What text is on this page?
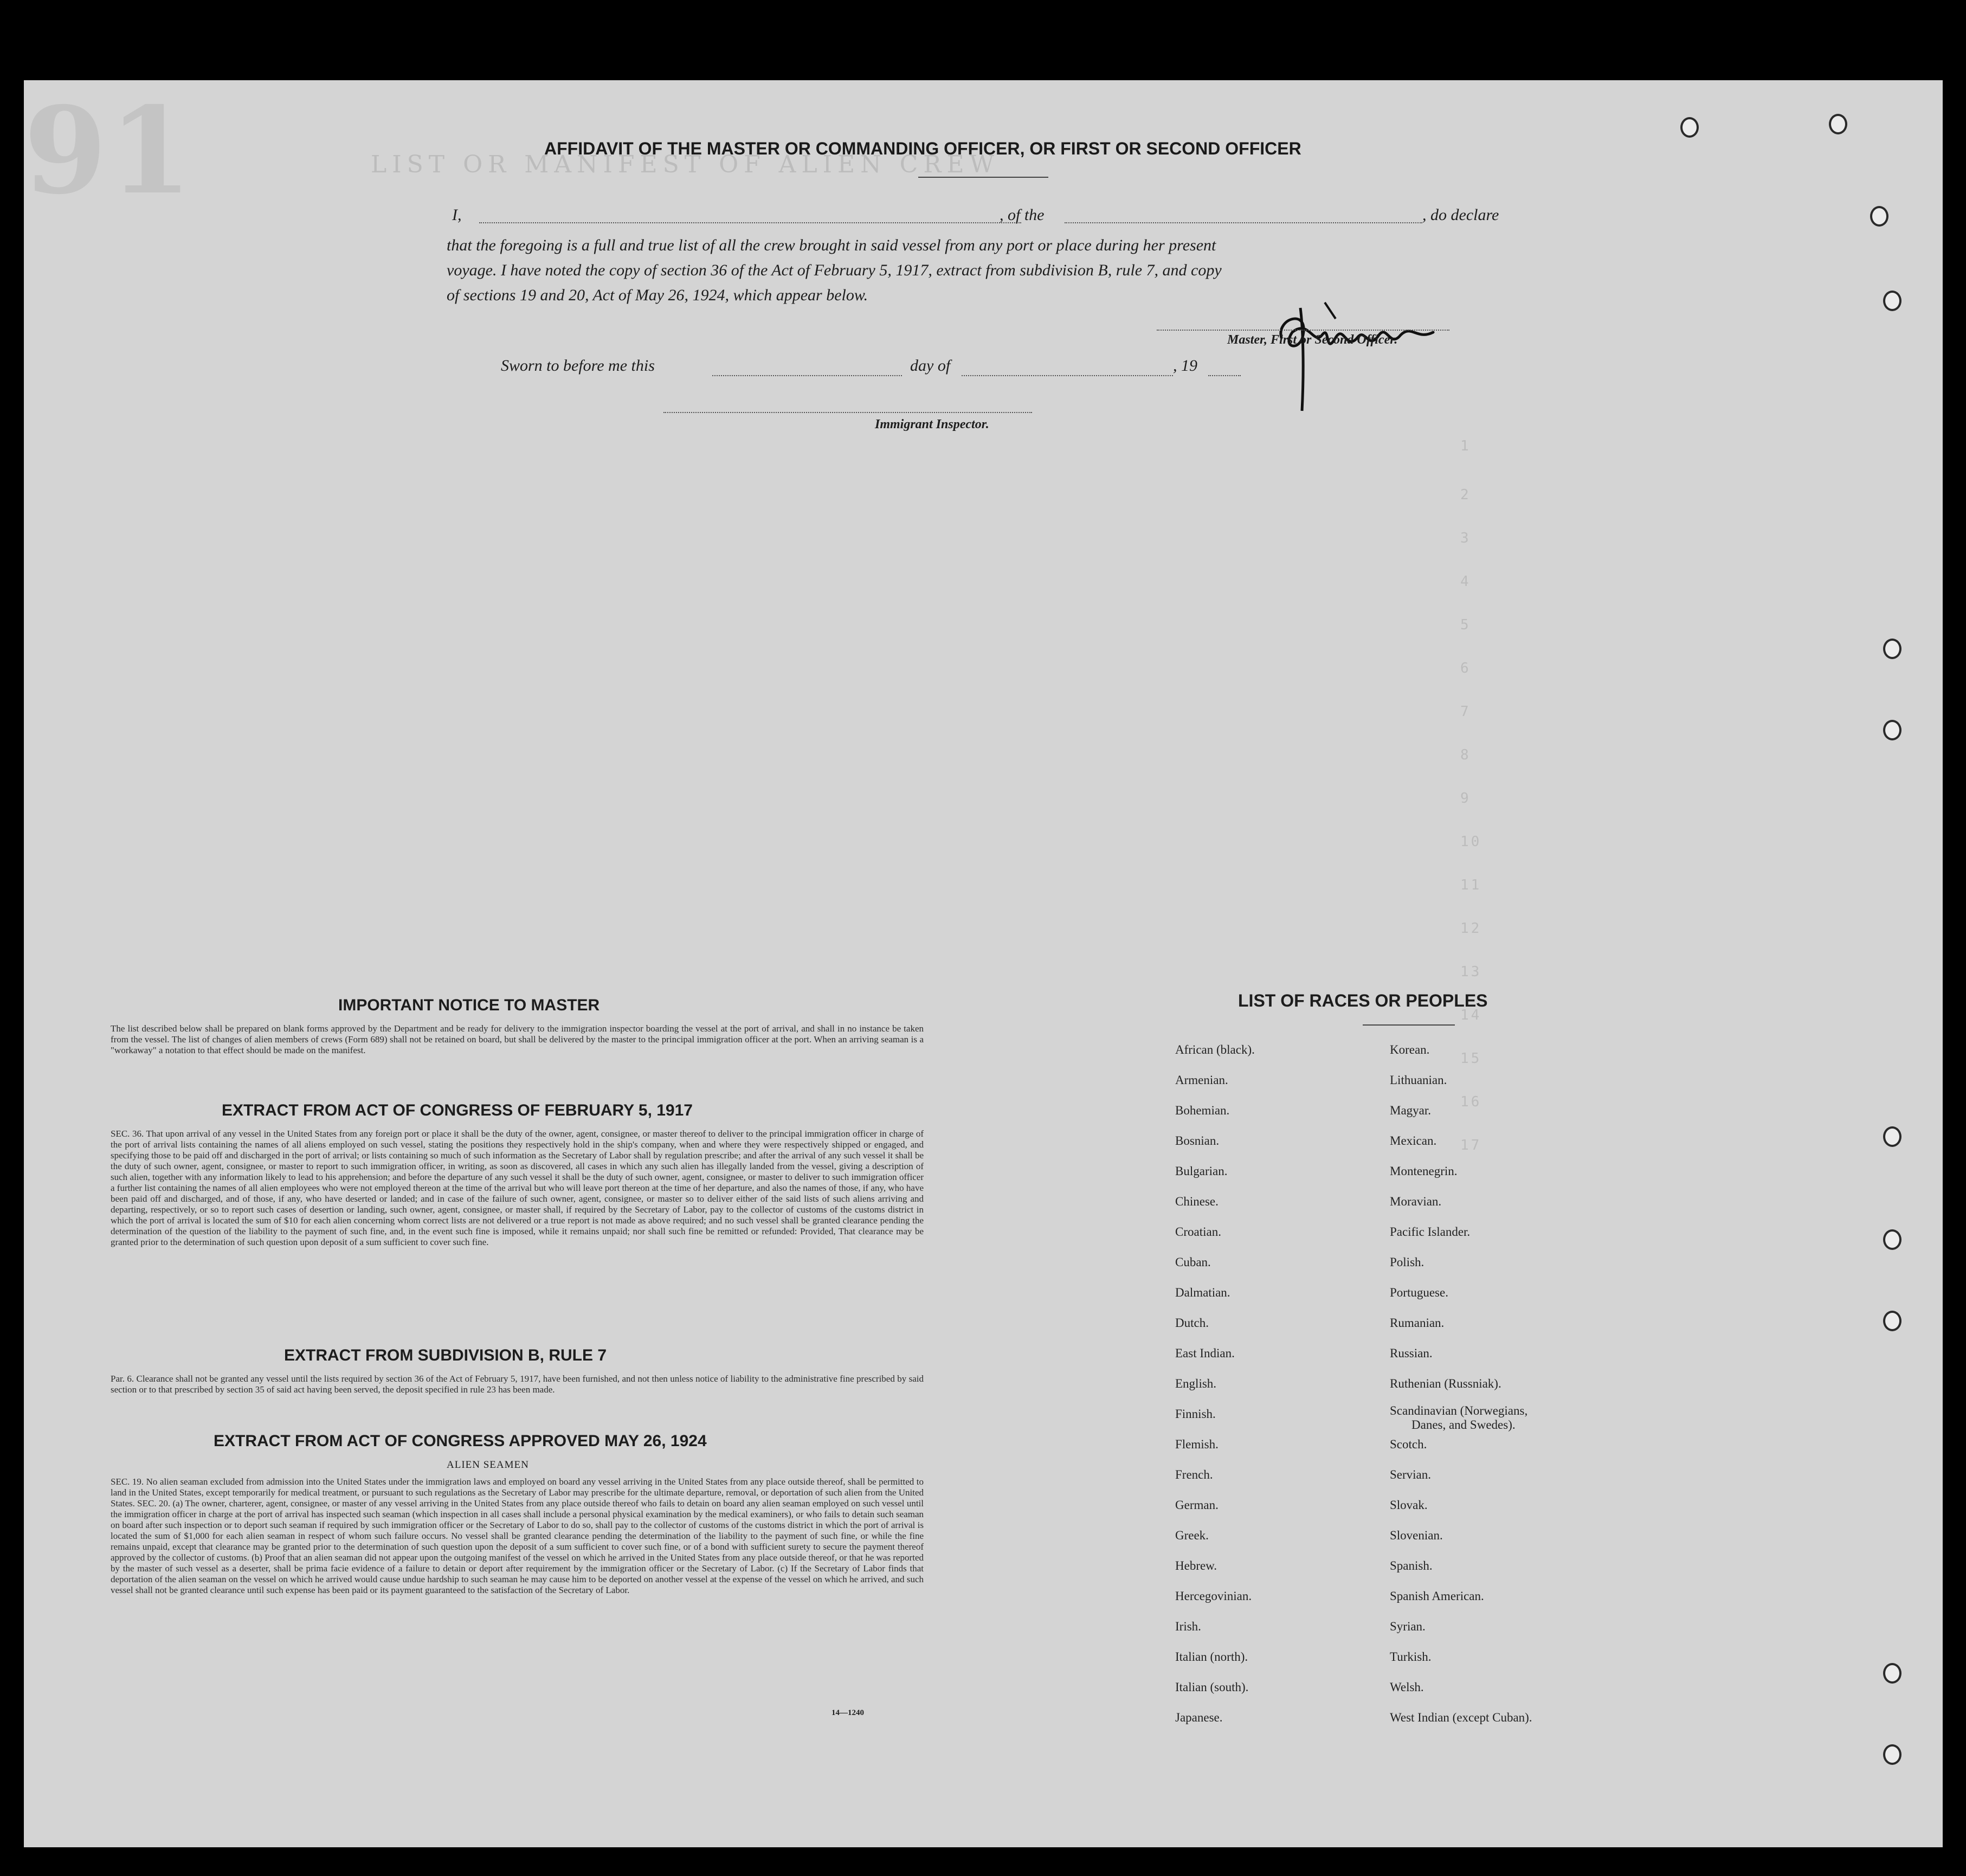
LIST OR MANIFEST OF ALIEN CREW
91
1
2
3
4
5
6
7
8
9
10
11
12
13
14
15
16
17
AFFIDAVIT OF THE MASTER OR COMMANDING OFFICER, OR FIRST OR SECOND OFFICER
I,	, of the	, do declare
that the foregoing is a full and true list of all the crew brought in said vessel from any port or place during her present
voyage. I have noted the copy of section 36 of the Act of February 5, 1917, extract from subdivision B, rule 7, and copy
of sections 19 and 20, Act of May 26, 1924, which appear below.
Master, First or Second Officer.
Sworn to before me this	day of	, 19
Immigrant Inspector.
IMPORTANT NOTICE TO MASTER
The list described below shall be prepared on blank forms approved by the Department and be ready for delivery to the immigration inspector boarding the vessel at the port of arrival, and shall in no instance be taken from the vessel. The list of changes of alien members of crews (Form 689) shall not be retained on board, but shall be delivered by the master to the principal immigration officer at the port. When an arriving seaman is a "workaway" a notation to that effect should be made on the manifest.
EXTRACT FROM ACT OF CONGRESS OF FEBRUARY 5, 1917
SEC. 36. That upon arrival of any vessel in the United States from any foreign port or place it shall be the duty of the owner, agent, consignee, or master thereof to deliver to the principal immigration officer in charge of the port of arrival lists containing the names of all aliens employed on such vessel, stating the positions they respectively hold in the ship's company, when and where they were respectively shipped or engaged, and specifying those to be paid off and discharged in the port of arrival; or lists containing so much of such information as the Secretary of Labor shall by regulation prescribe; and after the arrival of any such vessel it shall be the duty of such owner, agent, consignee, or master to report to such immigration officer, in writing, as soon as discovered, all cases in which any such alien has illegally landed from the vessel, giving a description of such alien, together with any information likely to lead to his apprehension; and before the departure of any such vessel it shall be the duty of such owner, agent, consignee, or master to deliver to such immigration officer a further list containing the names of all alien employees who were not employed thereon at the time of the arrival but who will leave port thereon at the time of her departure, and also the names of those, if any, who have been paid off and discharged, and of those, if any, who have deserted or landed; and in case of the failure of such owner, agent, consignee, or master so to deliver either of the said lists of such aliens arriving and departing, respectively, or so to report such cases of desertion or landing, such owner, agent, consignee, or master shall, if required by the Secretary of Labor, pay to the collector of customs of the customs district in which the port of arrival is located the sum of $10 for each alien concerning whom correct lists are not delivered or a true report is not made as above required; and no such vessel shall be granted clearance pending the determination of the question of the liability to the payment of such fine, and, in the event such fine is imposed, while it remains unpaid; nor shall such fine be remitted or refunded: Provided, That clearance may be granted prior to the determination of such question upon deposit of a sum sufficient to cover such fine.
EXTRACT FROM SUBDIVISION B, RULE 7
Par. 6. Clearance shall not be granted any vessel until the lists required by section 36 of the Act of February 5, 1917, have been furnished, and not then unless notice of liability to the administrative fine prescribed by said section or to that prescribed by section 35 of said act having been served, the deposit specified in rule 23 has been made.
EXTRACT FROM ACT OF CONGRESS APPROVED MAY 26, 1924
ALIEN SEAMEN
SEC. 19. No alien seaman excluded from admission into the United States under the immigration laws and employed on board any vessel arriving in the United States from any place outside thereof, shall be permitted to land in the United States, except temporarily for medical treatment, or pursuant to such regulations as the Secretary of Labor may prescribe for the ultimate departure, removal, or deportation of such alien from the United States. SEC. 20. (a) The owner, charterer, agent, consignee, or master of any vessel arriving in the United States from any place outside thereof who fails to detain on board any alien seaman employed on such vessel until the immigration officer in charge at the port of arrival has inspected such seaman (which inspection in all cases shall include a personal physical examination by the medical examiners), or who fails to detain such seaman on board after such inspection or to deport such seaman if required by such immigration officer or the Secretary of Labor to do so, shall pay to the collector of customs of the customs district in which the port of arrival is located the sum of $1,000 for each alien seaman in respect of whom such failure occurs. No vessel shall be granted clearance pending the determination of the liability to the payment of such fine, or while the fine remains unpaid, except that clearance may be granted prior to the determination of such question upon the deposit of a sum sufficient to cover such fine, or of a bond with sufficient surety to secure the payment thereof approved by the collector of customs. (b) Proof that an alien seaman did not appear upon the outgoing manifest of the vessel on which he arrived in the United States from any place outside thereof, or that he was reported by the master of such vessel as a deserter, shall be prima facie evidence of a failure to detain or deport after requirement by the immigration officer or the Secretary of Labor. (c) If the Secretary of Labor finds that deportation of the alien seaman on the vessel on which he arrived would cause undue hardship to such seaman he may cause him to be deported on another vessel at the expense of the vessel on which he arrived, and such vessel shall not be granted clearance until such expense has been paid or its payment guaranteed to the satisfaction of the Secretary of Labor.
14—1240
LIST OF RACES OR PEOPLES
African (black).
Armenian.
Bohemian.
Bosnian.
Bulgarian.
Chinese.
Croatian.
Cuban.
Dalmatian.
Dutch.
East Indian.
English.
Finnish.
Flemish.
French.
German.
Greek.
Hebrew.
Hercegovinian.
Irish.
Italian (north).
Italian (south).
Japanese.
Korean.
Lithuanian.
Magyar.
Mexican.
Montenegrin.
Moravian.
Pacific Islander.
Polish.
Portuguese.
Rumanian.
Russian.
Ruthenian (Russniak).
Scandinavian (Norwegians,
Danes, and Swedes).
Scotch.
Servian.
Slovak.
Slovenian.
Spanish.
Spanish American.
Syrian.
Turkish.
Welsh.
West Indian (except Cuban).
